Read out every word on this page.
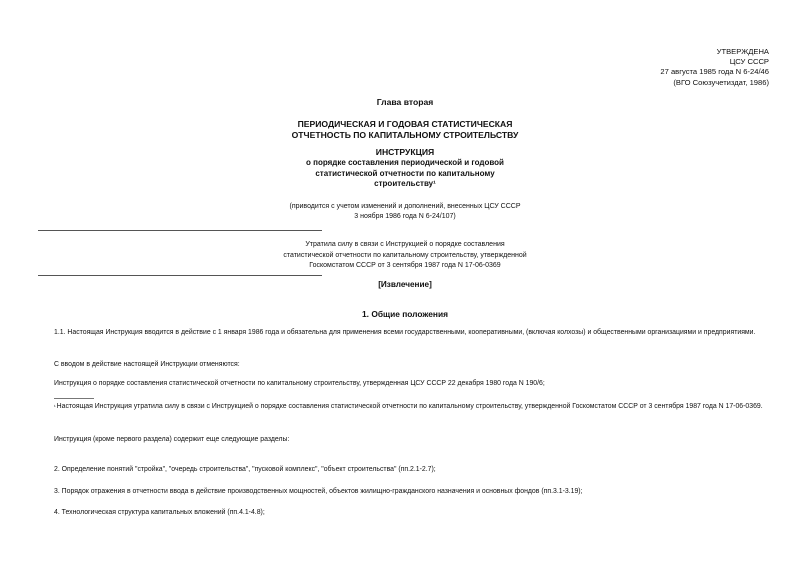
УТВЕРЖДЕНА
ЦСУ СССР
27 августа 1985 года N 6-24/46
(ВГО Союзучетиздат, 1986)
Глава вторая
ПЕРИОДИЧЕСКАЯ И ГОДОВАЯ СТАТИСТИЧЕСКАЯ
ОТЧЕТНОСТЬ ПО КАПИТАЛЬНОМУ СТРОИТЕЛЬСТВУ
ИНСТРУКЦИЯ
о порядке составления периодической и годовой
статистической отчетности по капитальному
строительству¹
(приводится с учетом изменений и дополнений, внесенных ЦСУ СССР
3 ноября 1986 года N 6-24/107)
Утратила силу в связи с Инструкцией о порядке составления
статистической отчетности по капитальному строительству, утвержденной
Госкомстатом СССР от 3 сентября 1987 года N 17-06-0369
[Извлечение]
1. Общие положения
1.1. Настоящая Инструкция вводится в действие с 1 января 1986 года и обязательна для применения всеми государственными, кооперативными, (включая колхозы) и общественными организациями и предприятиями.
С вводом в действие настоящей Инструкции отменяются:
Инструкция о порядке составления статистической отчетности по капитальному строительству, утвержденная ЦСУ СССР 22 декабря 1980 года N 190/6;
$^{^1}$Настоящая Инструкция утратила силу в связи с Инструкцией о порядке составления статистической отчетности по капитальному строительству, утвержденной Госкомстатом СССР от 3 сентября 1987 года N 17-06-0369.
Инструкция (кроме первого раздела) содержит еще следующие разделы:
2. Определение понятий "стройка", "очередь строительства", "пусковой комплекс", "объект строительства" (пп.2.1-2.7);
3. Порядок отражения в отчетности ввода в действие производственных мощностей, объектов жилищно-гражданского назначения и основных фондов (пп.3.1-3.19);
4. Технологическая структура капитальных вложений (пп.4.1-4.8);
